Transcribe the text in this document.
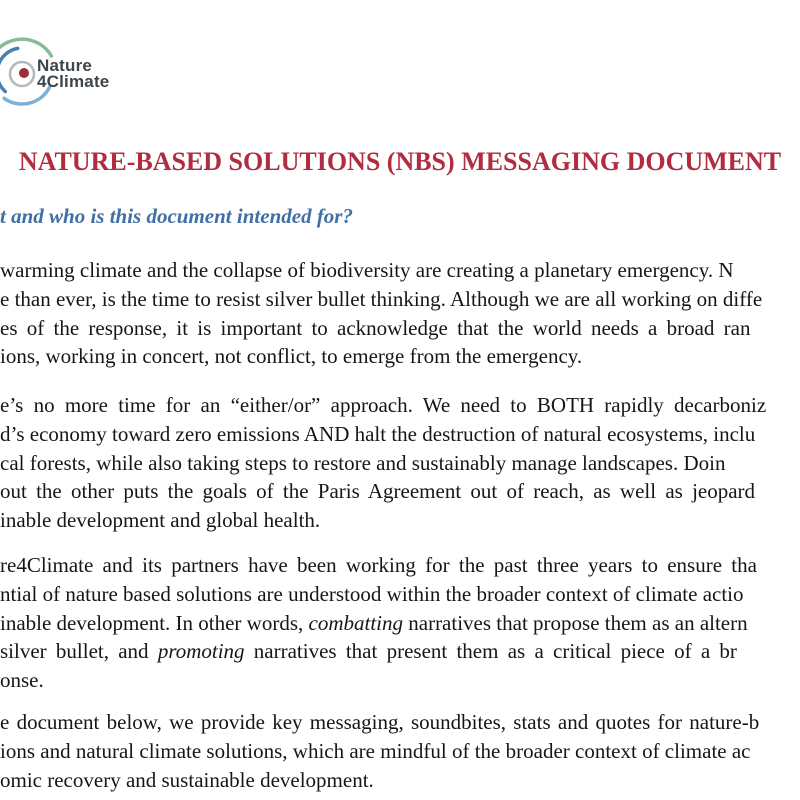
Nature
4Climate
NATURE-BASED SOLUTIONS (NBS) MESSAGING DOCUMENT
t and who is this document intended for?
warming climate and the collapse of biodiversity are creating a planetary emergency. N
e than ever, is the time to resist silver bullet thinking. Although we are all working on diffe
es of the response, it is important to acknowledge that the world needs a broad ran
ions, working in concert, not conflict, to emerge from the emergency.
e’s no more time for an “either/or” approach. We need to BOTH rapidly decarboniz
d’s economy toward zero emissions AND halt the destruction of natural ecosystems, inclu
cal forests, while also taking steps to restore and sustainably manage landscapes. Doin
out the other puts the goals of the Paris Agreement out of reach, as well as jeopard
inable development and global health.
re4Climate and its partners have been working for the past three years to ensure tha
ntial of nature based solutions are understood within the broader context of climate actio
inable development. In other words, combatting narratives that propose them as an altern
silver bullet, and promoting narratives that present them as a critical piece of a br
onse.
e document below, we provide key messaging, soundbites, stats and quotes for nature-b
ions and natural climate solutions, which are mindful of the broader context of climate ac
omic recovery and sustainable development.
